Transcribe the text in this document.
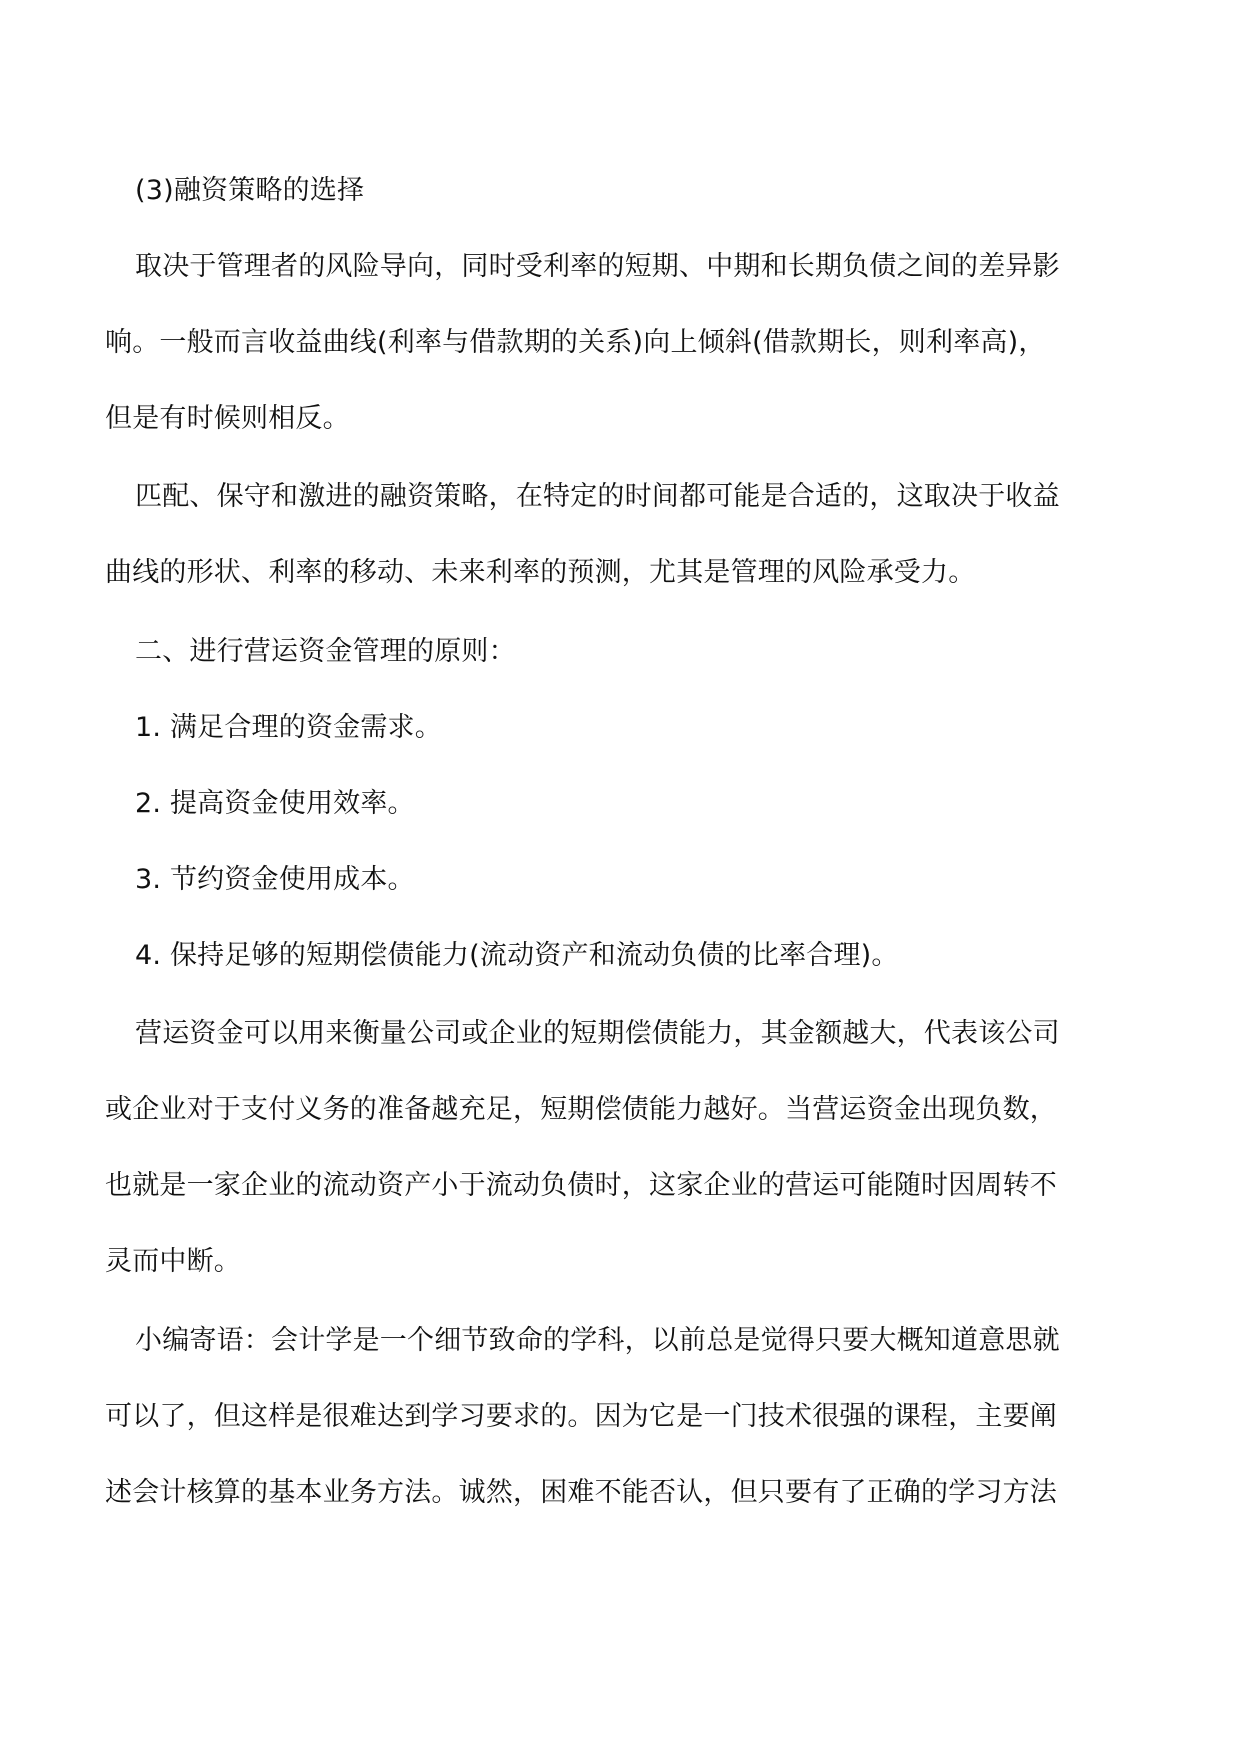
(3)融资策略的选择
取决于管理者的风险导向，同时受利率的短期、中期和长期负债之间的差异影
响。一般而言收益曲线(利率与借款期的关系)向上倾斜(借款期长，则利率高)，
但是有时候则相反。
匹配、保守和激进的融资策略，在特定的时间都可能是合适的，这取决于收益
曲线的形状、利率的移动、未来利率的预测，尤其是管理的风险承受力。
二、进行营运资金管理的原则：
1. 满足合理的资金需求。
2. 提高资金使用效率。
3. 节约资金使用成本。
4. 保持足够的短期偿债能力(流动资产和流动负债的比率合理)。
营运资金可以用来衡量公司或企业的短期偿债能力，其金额越大，代表该公司
或企业对于支付义务的准备越充足，短期偿债能力越好。当营运资金出现负数，
也就是一家企业的流动资产小于流动负债时，这家企业的营运可能随时因周转不
灵而中断。
小编寄语：会计学是一个细节致命的学科，以前总是觉得只要大概知道意思就
可以了，但这样是很难达到学习要求的。因为它是一门技术很强的课程，主要阐
述会计核算的基本业务方法。诚然，困难不能否认，但只要有了正确的学习方法
